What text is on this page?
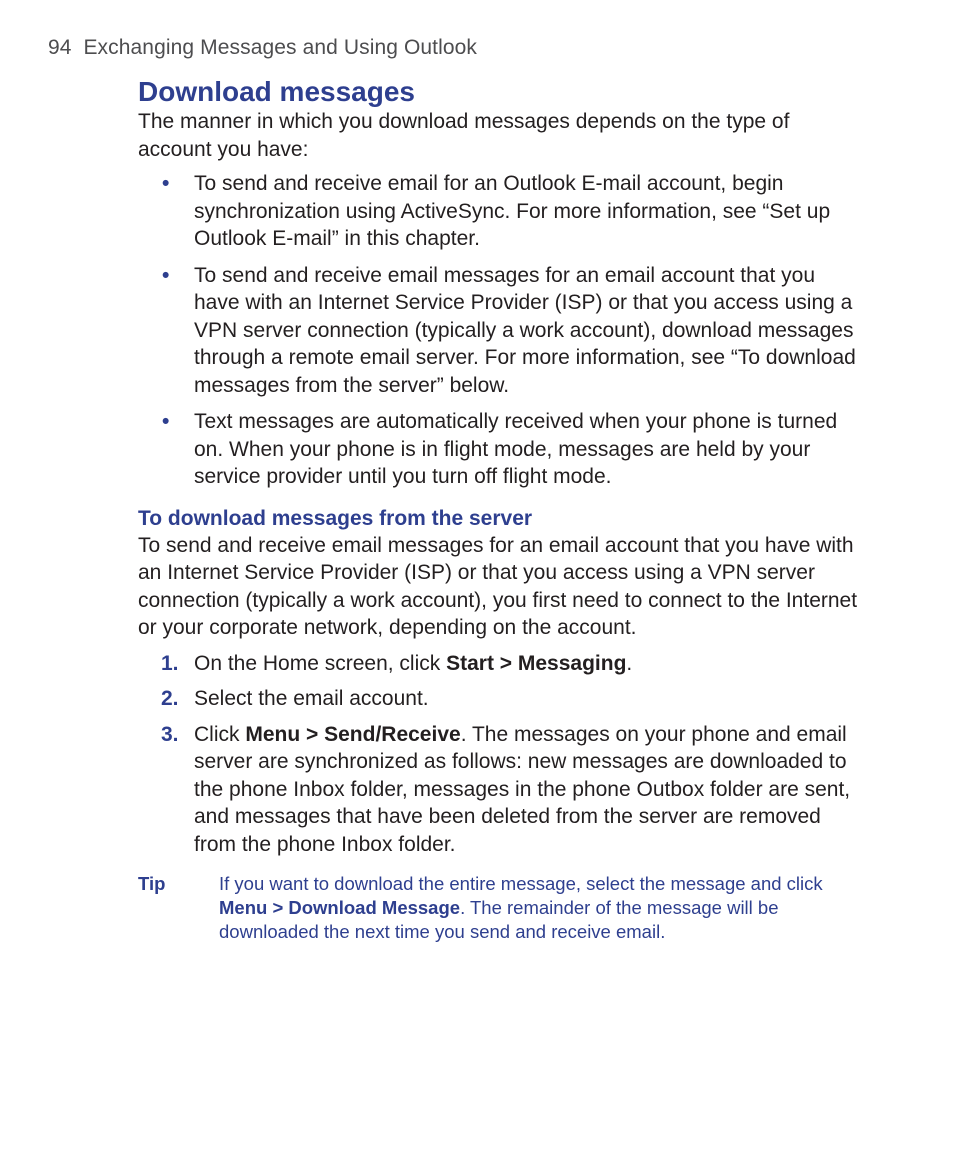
94 Exchanging Messages and Using Outlook
Download messages

The manner in which you download messages depends on the type of account you have:

• To send and receive email for an Outlook E-mail account, begin synchronization using ActiveSync. For more information, see “Set up Outlook E-mail” in this chapter.
• To send and receive email messages for an email account that you have with an Internet Service Provider (ISP) or that you access using a VPN server connection (typically a work account), download messages through a remote email server. For more information, see “To download messages from the server” below.
• Text messages are automatically received when your phone is turned on. When your phone is in flight mode, messages are held by your service provider until you turn off flight mode.
To download messages from the server

To send and receive email messages for an email account that you have with an Internet Service Provider (ISP) or that you access using a VPN server connection (typically a work account), you first need to connect to the Internet or your corporate network, depending on the account.

1. On the Home screen, click Start > Messaging.
2. Select the email account.
3. Click Menu > Send/Receive. The messages on your phone and email server are synchronized as follows: new messages are downloaded to the phone Inbox folder, messages in the phone Outbox folder are sent, and messages that have been deleted from the server are removed from the phone Inbox folder.
Tip	If you want to download the entire message, select the message and click Menu > Download Message. The remainder of the message will be downloaded the next time you send and receive email.
